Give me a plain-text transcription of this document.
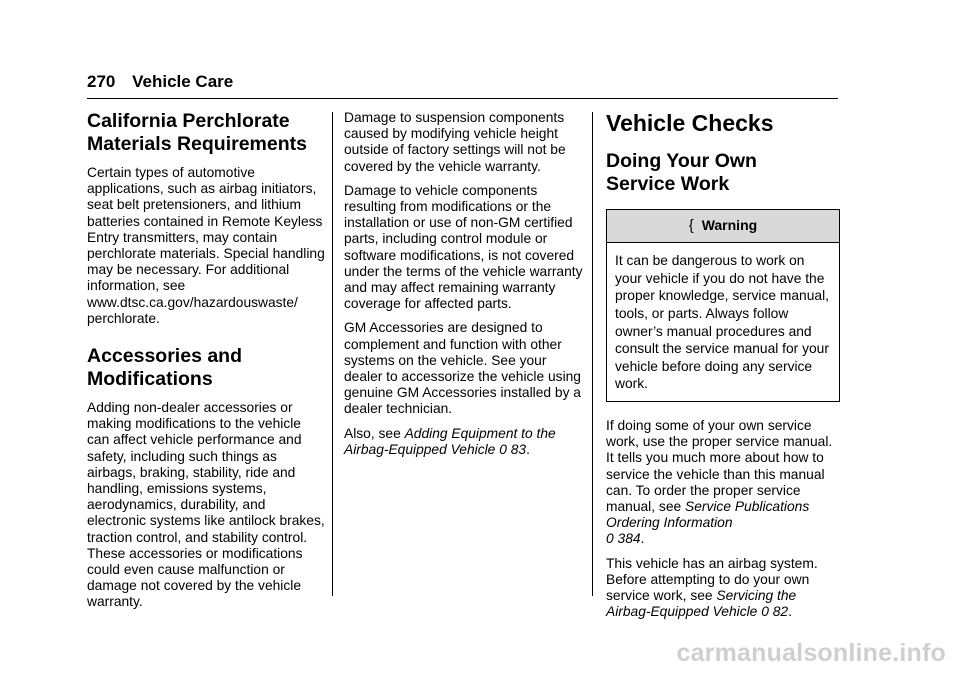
270 Vehicle Care
California Perchlorate
Materials Requirements

Certain types of automotive applications, such as airbag initiators, seat belt pretensioners, and lithium batteries contained in Remote Keyless Entry transmitters, may contain perchlorate materials. Special handling may be necessary. For additional information, see www.dtsc.ca.gov/hazardouswaste/ perchlorate.

Accessories and
Modifications

Adding non-dealer accessories or making modifications to the vehicle can affect vehicle performance and safety, including such things as airbags, braking, stability, ride and handling, emissions systems, aerodynamics, durability, and electronic systems like antilock brakes, traction control, and stability control. These accessories or modifications could even cause malfunction or damage not covered by the vehicle warranty.

Damage to suspension components caused by modifying vehicle height outside of factory settings will not be covered by the vehicle warranty.

Damage to vehicle components resulting from modifications or the installation or use of non-GM certified parts, including control module or software modifications, is not covered under the terms of the vehicle warranty and may affect remaining warranty coverage for affected parts.

GM Accessories are designed to complement and function with other systems on the vehicle. See your dealer to accessorize the vehicle using genuine GM Accessories installed by a dealer technician.

Also, see Adding Equipment to the Airbag-Equipped Vehicle 0 83.

Vehicle Checks
Doing Your Own
Service Work
{ Warning
It can be dangerous to work on your vehicle if you do not have the proper knowledge, service manual, tools, or parts. Always follow owner’s manual procedures and consult the service manual for your vehicle before doing any service work.

If doing some of your own service work, use the proper service manual. It tells you much more about how to service the vehicle than this manual can. To order the proper service manual, see Service Publications Ordering Information
0 384.

This vehicle has an airbag system. Before attempting to do your own service work, see Servicing the Airbag-Equipped Vehicle 0 82.

carmanualsonline.info
